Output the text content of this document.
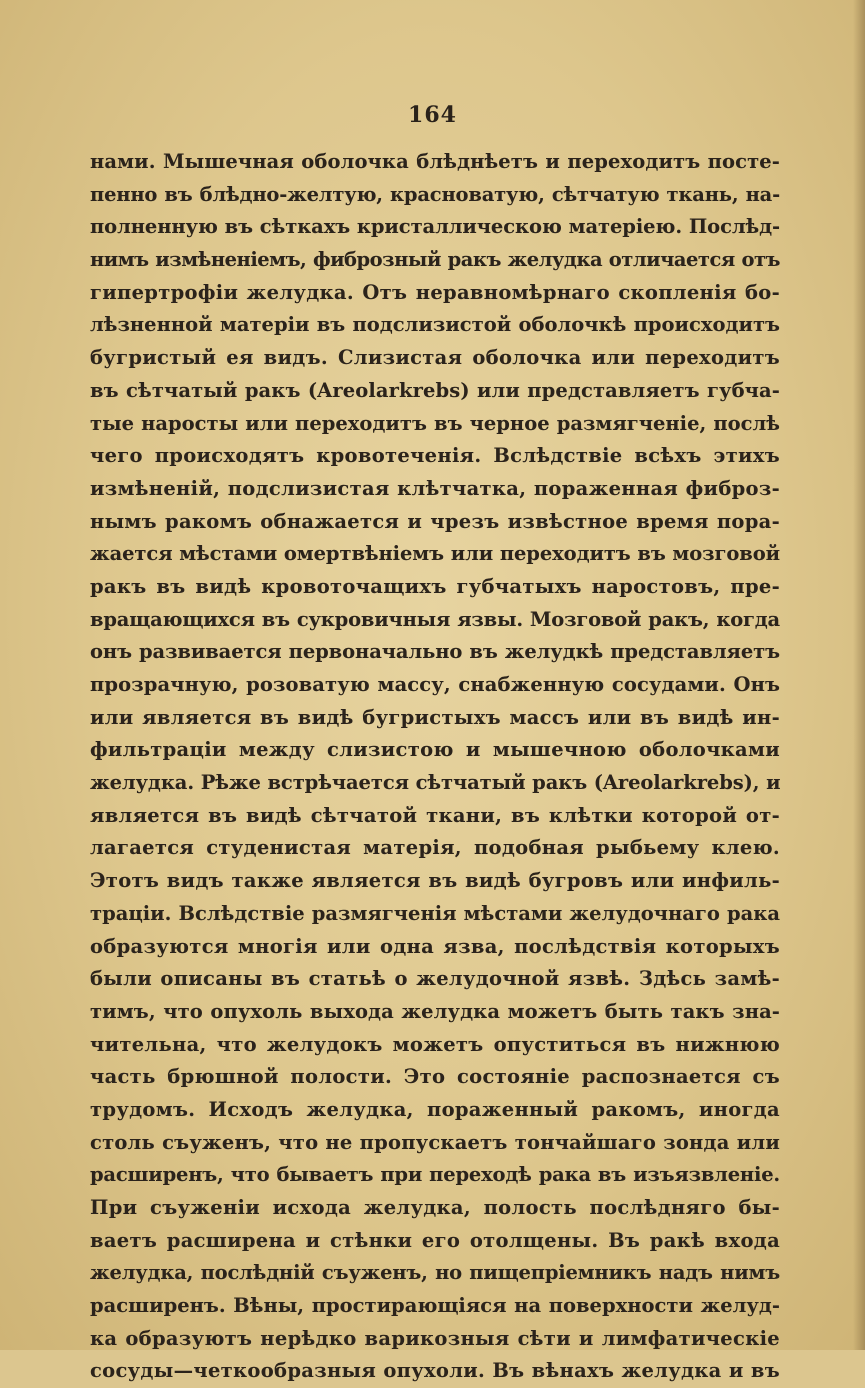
164
нами. Мышечная оболочка блѣднѣетъ и переходитъ посте-
пенно въ блѣдно-желтую, красноватую, сѣтчатую ткань, на-
полненную въ сѣткахъ кристаллическою матеріею. Послѣд-
нимъ измѣненіемъ, фиброзный ракъ желудка отличается отъ
гипертрофіи желудка. Отъ неравномѣрнаго скопленія бо-
лѣзненной матеріи въ подслизистой оболочкѣ происходитъ
бугристый ея видъ. Слизистая оболочка или переходитъ
въ сѣтчатый ракъ (Areolarkrebs) или представляетъ губча-
тые наросты или переходитъ въ черное размягченіе, послѣ
чего происходятъ кровотеченія. Вслѣдствіе всѣхъ этихъ
измѣненій, подслизистая клѣтчатка, пораженная фиброз-
нымъ ракомъ обнажается и чрезъ извѣстное время пора-
жается мѣстами омертвѣніемъ или переходитъ въ мозговой
ракъ въ видѣ кровоточащихъ губчатыхъ наростовъ, пре-
вращающихся въ сукровичныя язвы. Мозговой ракъ, когда
онъ развивается первоначально въ желудкѣ представляетъ
прозрачную, розоватую массу, снабженную сосудами. Онъ
или является въ видѣ бугристыхъ массъ или въ видѣ ин-
фильтраціи между слизистою и мышечною оболочками
желудка. Рѣже встрѣчается сѣтчатый ракъ (Areolarkrebs), и
является въ видѣ сѣтчатой ткани, въ клѣтки которой от-
лагается студенистая матерія, подобная рыбьему клею.
Этотъ видъ также является въ видѣ бугровъ или инфиль-
траціи. Вслѣдствіе размягченія мѣстами желудочнаго рака
образуются многія или одна язва, послѣдствія которыхъ
были описаны въ статьѣ о желудочной язвѣ. Здѣсь замѣ-
тимъ, что опухоль выхода желудка можетъ быть такъ зна-
чительна, что желудокъ можетъ опуститься въ нижнюю
часть брюшной полости. Это состояніе распознается съ
трудомъ. Исходъ желудка, пораженный ракомъ, иногда
столь съуженъ, что не пропускаетъ тончайшаго зонда или
расширенъ, что бываетъ при переходѣ рака въ изъязвленіе.
При съуженіи исхода желудка, полость послѣдняго бы-
ваетъ расширена и стѣнки его отолщены. Въ ракѣ входа
желудка, послѣдній съуженъ, но пищепріемникъ надъ нимъ
расширенъ. Вѣны, простирающіяся на поверхности желуд-
ка образуютъ нерѣдко варикозныя сѣти и лимфатическіе
сосуды—четкообразныя опухоли. Въ вѣнахъ желудка и въ
